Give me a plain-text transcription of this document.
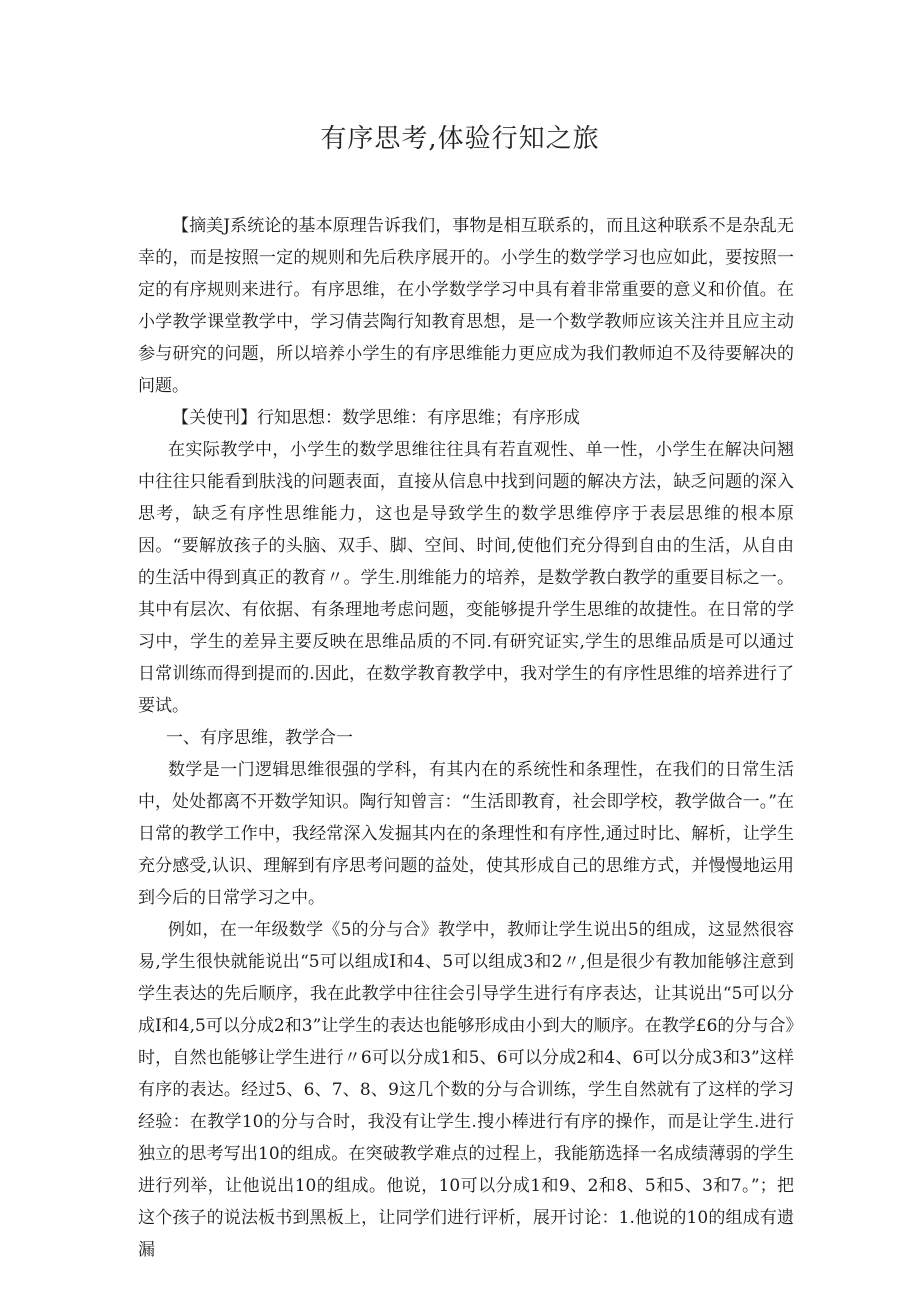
有序思考,体验行知之旅

【摘美J系统论的基本原理告诉我们，事物是相互联系的，而且这种联系不是杂乱无幸的，而是按照一定的规则和先后秩序展开的。小学生的数学学习也应如此，要按照一定的有序规则来进行。有序思维，在小学数学学习中具有着非常重要的意义和价值。在小学教学课堂教学中，学习倩芸陶行知教育思想，是一个数学教师应该关注并且应主动参与研究的问题，所以培养小学生的有序思维能力更应成为我们教师迫不及待要解决的问题。

【关使刊】行知思想：数学思维：有序思维；有序形成

在实际教学中，小学生的数学思维往往具有若直观性、单一性，小学生在解决问翘中往往只能看到肤浅的问题表面，直接从信息中找到问题的解决方法，缺乏问题的深入思考，缺乏有序性思维能力，这也是导致学生的数学思维停序于表层思维的根本原因。“要解放孩子的头脑、双手、脚、空间、时间,使他们充分得到自由的生活，从自由的生活中得到真正的教育〃。学生.刖维能力的培养，是数学教白教学的重要目标之一。其中有层次、有依据、有条理地考虑问题，变能够提升学生思维的故捷性。在日常的学习中，学生的差异主要反映在思维品质的不同.有研究证实,学生的思维品质是可以通过日常训练而得到提而的.因此，在数学教育教学中，我对学生的有序性思维的培养进行了要试。

一、有序思维，教学合一

数学是一门逻辑思维很强的学科，有其内在的系统性和条理性，在我们的日常生活中，处处都离不开数学知识。陶行知曾言：“生活即教育，社会即学校，教学做合一。”在日常的教学工作中，我经常深入发掘其内在的条理性和有序性,通过时比、解析，让学生充分感受,认识、理解到有序思考问题的益处，使其形成自己的思维方式，并慢慢地运用到今后的日常学习之中。

例如，在一年级数学《5的分与合》教学中，教师让学生说出5的组成，这显然很容易,学生很快就能说出“5可以组成I和4、5可以组成3和2〃,但是很少有教加能够注意到学生表达的先后顺序，我在此教学中往往会引导学生进行有序表达，让其说出“5可以分成I和4,5可以分成2和3”让学生的表达也能够形成由小到大的顺序。在教学£6的分与合》时，自然也能够让学生进行〃6可以分成1和5、6可以分成2和4、6可以分成3和3”这样有序的表达。经过5、6、7、8、9这几个数的分与合训练，学生自然就有了这样的学习经验：在教学10的分与合时，我没有让学生.搜小棒进行有序的操作，而是让学生.进行独立的思考写出10的组成。在突破教学难点的过程上，我能筋选择一名成绩薄弱的学生进行列举，让他说出10的组成。他说，10可以分成1和9、2和8、5和5、3和7。”；把这个孩子的说法板书到黑板上，让同学们进行评析，展开讨论：1.他说的10的组成有遗漏
